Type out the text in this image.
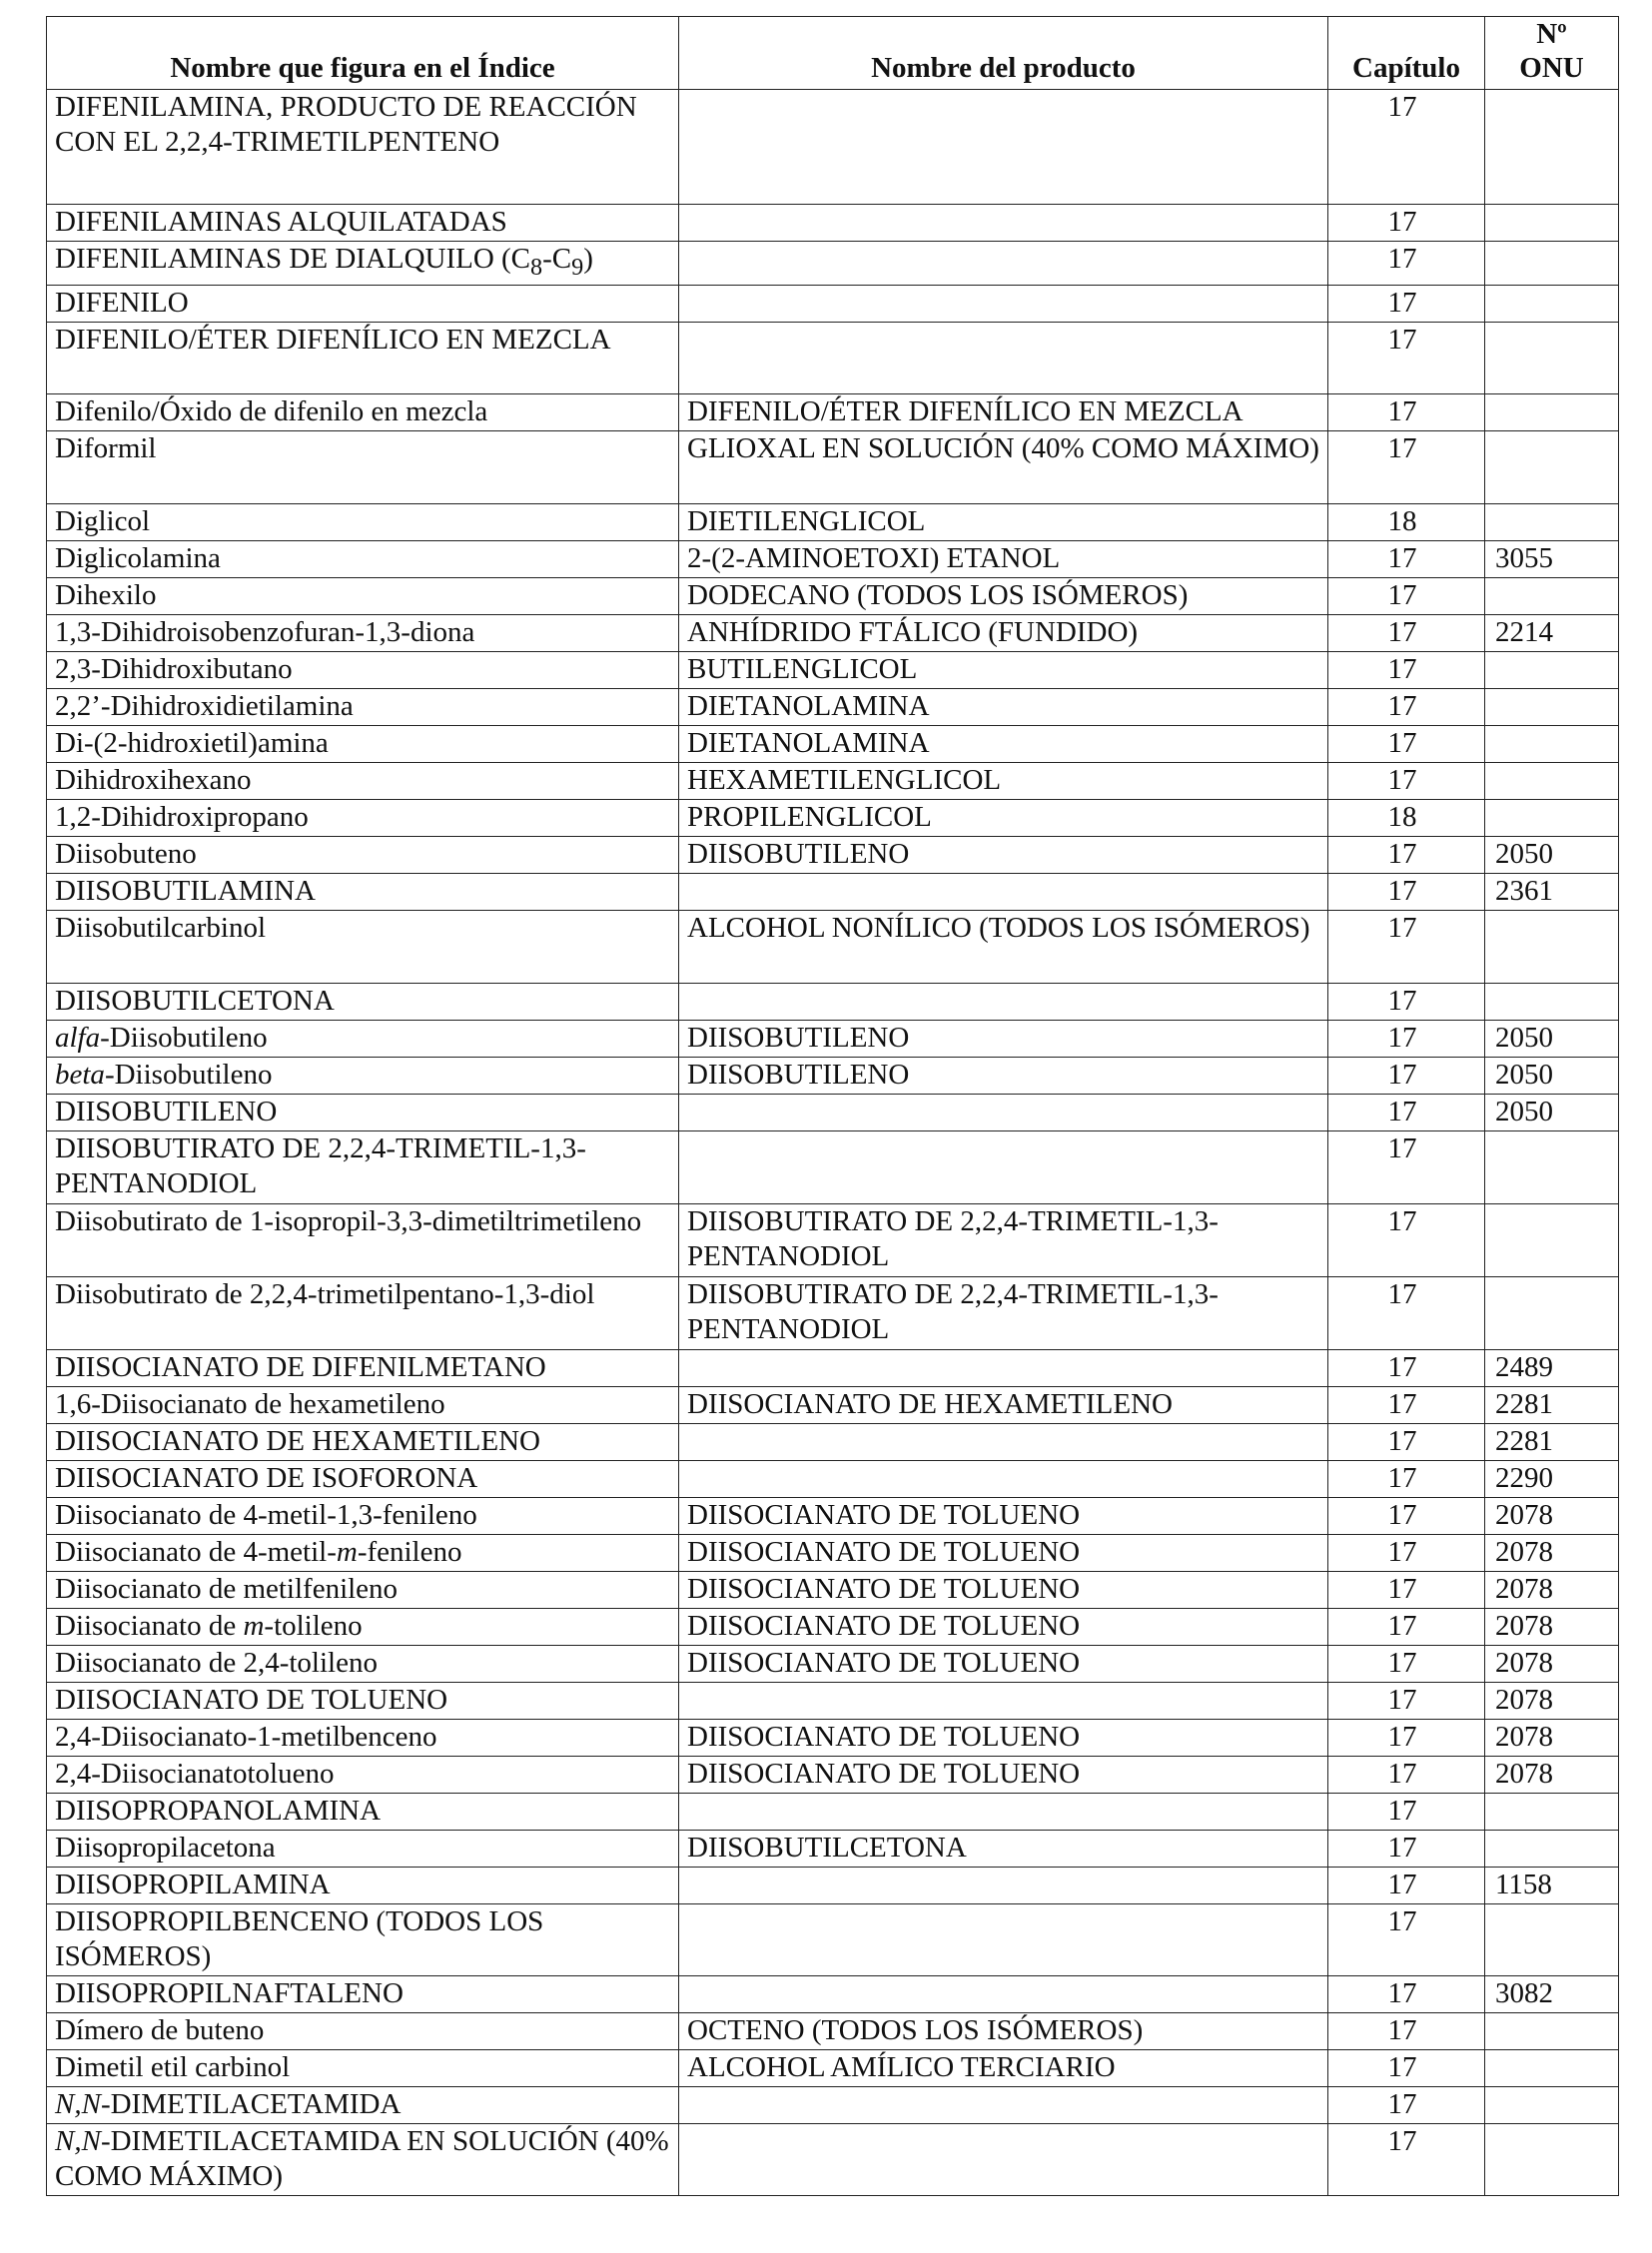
Nombre que figura en el Índice	Nombre del producto	Capítulo	Nº
ONU

DIFENILAMINA, PRODUCTO DE REACCIÓN CON EL 2,2,4-TRIMETILPENTENO		17	
DIFENILAMINAS ALQUILATADAS		17	
DIFENILAMINAS DE DIALQUILO $(C_8-C_9)$		17	
DIFENILO		17	
DIFENILO/ÉTER DIFENÍLICO EN MEZCLA		17	
Difenilo/Óxido de difenilo en mezcla	DIFENILO/ÉTER DIFENÍLICO EN MEZCLA	17	
Diformil	GLIOXAL EN SOLUCIÓN (40% COMO MÁXIMO)	17	
Diglicol	DIETILENGLICOL	18	
Diglicolamina	2-(2-AMINOETOXI) ETANOL	17	3055
Dihexilo	DODECANO (TODOS LOS ISÓMEROS)	17	
1,3-Dihidroisobenzofuran-1,3-diona	ANHÍDRIDO FTÁLICO (FUNDIDO)	17	2214
2,3-Dihidroxibutano	BUTILENGLICOL	17	
2,2’-Dihidroxidietilamina	DIETANOLAMINA	17	
Di-(2-hidroxietil)amina	DIETANOLAMINA	17	
Dihidroxihexano	HEXAMETILENGLICOL	17	
1,2-Dihidroxipropano	PROPILENGLICOL	18	
Diisobuteno	DIISOBUTILENO	17	2050
DIISOBUTILAMINA		17	2361
Diisobutilcarbinol	ALCOHOL NONÍLICO (TODOS LOS ISÓMEROS)	17	
DIISOBUTILCETONA		17	
alfa-Diisobutileno	DIISOBUTILENO	17	2050
beta-Diisobutileno	DIISOBUTILENO	17	2050
DIISOBUTILENO		17	2050
DIISOBUTIRATO DE 2,2,4-TRIMETIL-1,3-PENTANODIOL		17	
Diisobutirato de 1-isopropil-3,3-dimetiltrimetileno	DIISOBUTIRATO DE 2,2,4-TRIMETIL-1,3-PENTANODIOL	17	
Diisobutirato de 2,2,4-trimetilpentano-1,3-diol	DIISOBUTIRATO DE 2,2,4-TRIMETIL-1,3-PENTANODIOL	17	
DIISOCIANATO DE DIFENILMETANO		17	2489
1,6-Diisocianato de hexametileno	DIISOCIANATO DE HEXAMETILENO	17	2281
DIISOCIANATO DE HEXAMETILENO		17	2281
DIISOCIANATO DE ISOFORONA		17	2290
Diisocianato de 4-metil-1,3-fenileno	DIISOCIANATO DE TOLUENO	17	2078
Diisocianato de 4-metil-m-fenileno	DIISOCIANATO DE TOLUENO	17	2078
Diisocianato de metilfenileno	DIISOCIANATO DE TOLUENO	17	2078
Diisocianato de m-tolileno	DIISOCIANATO DE TOLUENO	17	2078
Diisocianato de 2,4-tolileno	DIISOCIANATO DE TOLUENO	17	2078
DIISOCIANATO DE TOLUENO		17	2078
2,4-Diisocianato-1-metilbenceno	DIISOCIANATO DE TOLUENO	17	2078
2,4-Diisocianatotolueno	DIISOCIANATO DE TOLUENO	17	2078
DIISOPROPANOLAMINA		17	
Diisopropilacetona	DIISOBUTILCETONA	17	
DIISOPROPILAMINA		17	1158
DIISOPROPILBENCENO (TODOS LOS ISÓMEROS)		17	
DIISOPROPILNAFTALENO		17	3082
Dímero de buteno	OCTENO (TODOS LOS ISÓMEROS)	17	
Dimetil etil carbinol	ALCOHOL AMÍLICO TERCIARIO	17	
N,N-DIMETILACETAMIDA		17	
N,N-DIMETILACETAMIDA EN SOLUCIÓN (40% COMO MÁXIMO)		17	
